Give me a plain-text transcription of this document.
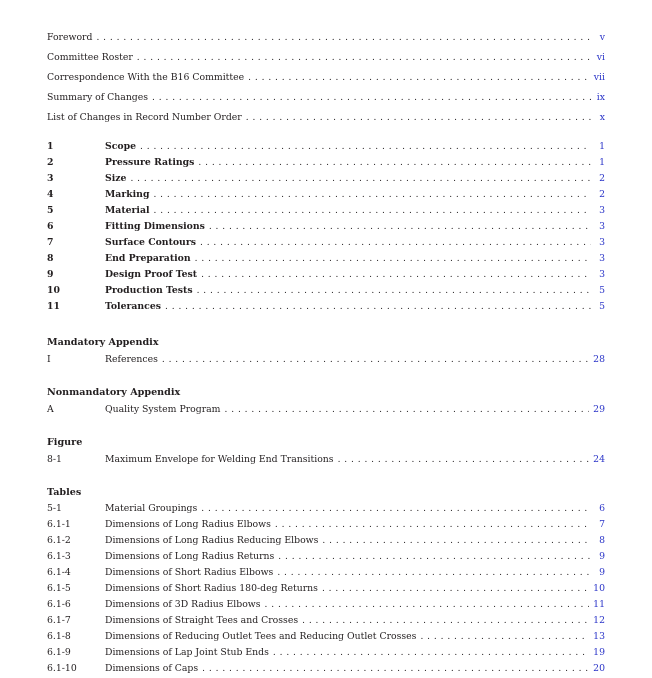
Foreword . . .	v
Committee Roster . . .	vi
Correspondence With the B16 Committee . . .	vii
Summary of Changes . . .	ix
List of Changes in Record Number Order . . .	x
1	Scope . . .	1
2	Pressure Ratings . . .	1
3	Size . . .	2
4	Marking . . .	2
5	Material . . .	3
6	Fitting Dimensions . . .	3
7	Surface Contours . . .	3
8	End Preparation . . .	3
9	Design Proof Test . . .	3
10	Production Tests . . .	5
11	Tolerances . . .	5
Mandatory Appendix
I	References . . .	28
Nonmandatory Appendix
A	Quality System Program . . .	29
Figure
8-1	Maximum Envelope for Welding End Transitions . . .	24
Tables
5-1	Material Groupings . . .	6
6.1-1	Dimensions of Long Radius Elbows . . .	7
6.1-2	Dimensions of Long Radius Reducing Elbows . . .	8
6.1-3	Dimensions of Long Radius Returns . . .	9
6.1-4	Dimensions of Short Radius Elbows . . .	9
6.1-5	Dimensions of Short Radius 180-deg Returns . . .	10
6.1-6	Dimensions of 3D Radius Elbows . . .	11
6.1-7	Dimensions of Straight Tees and Crosses . . .	12
6.1-8	Dimensions of Reducing Outlet Tees and Reducing Outlet Crosses . . .	13
6.1-9	Dimensions of Lap Joint Stub Ends . . .	19
6.1-10	Dimensions of Caps . . .	20
